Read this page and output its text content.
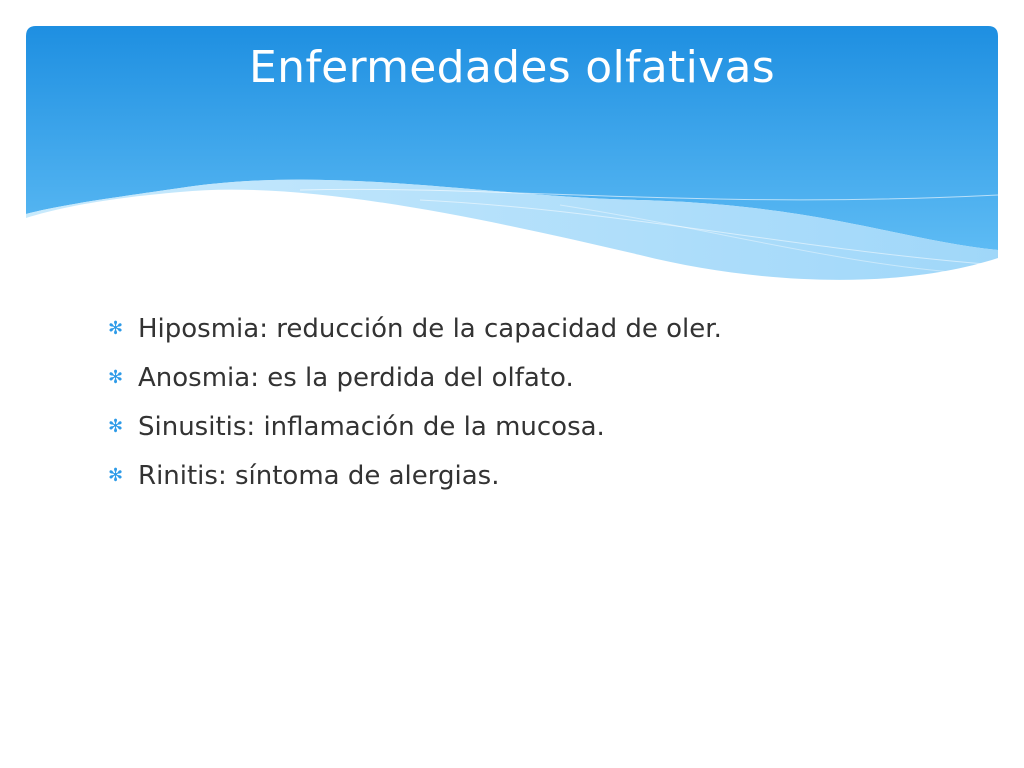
Enfermedades olfativas
✻ Hiposmia: reducción de la capacidad de oler.
✻ Anosmia: es la perdida del olfato.
✻ Sinusitis: inflamación de la mucosa.
✻ Rinitis: síntoma de alergias.
